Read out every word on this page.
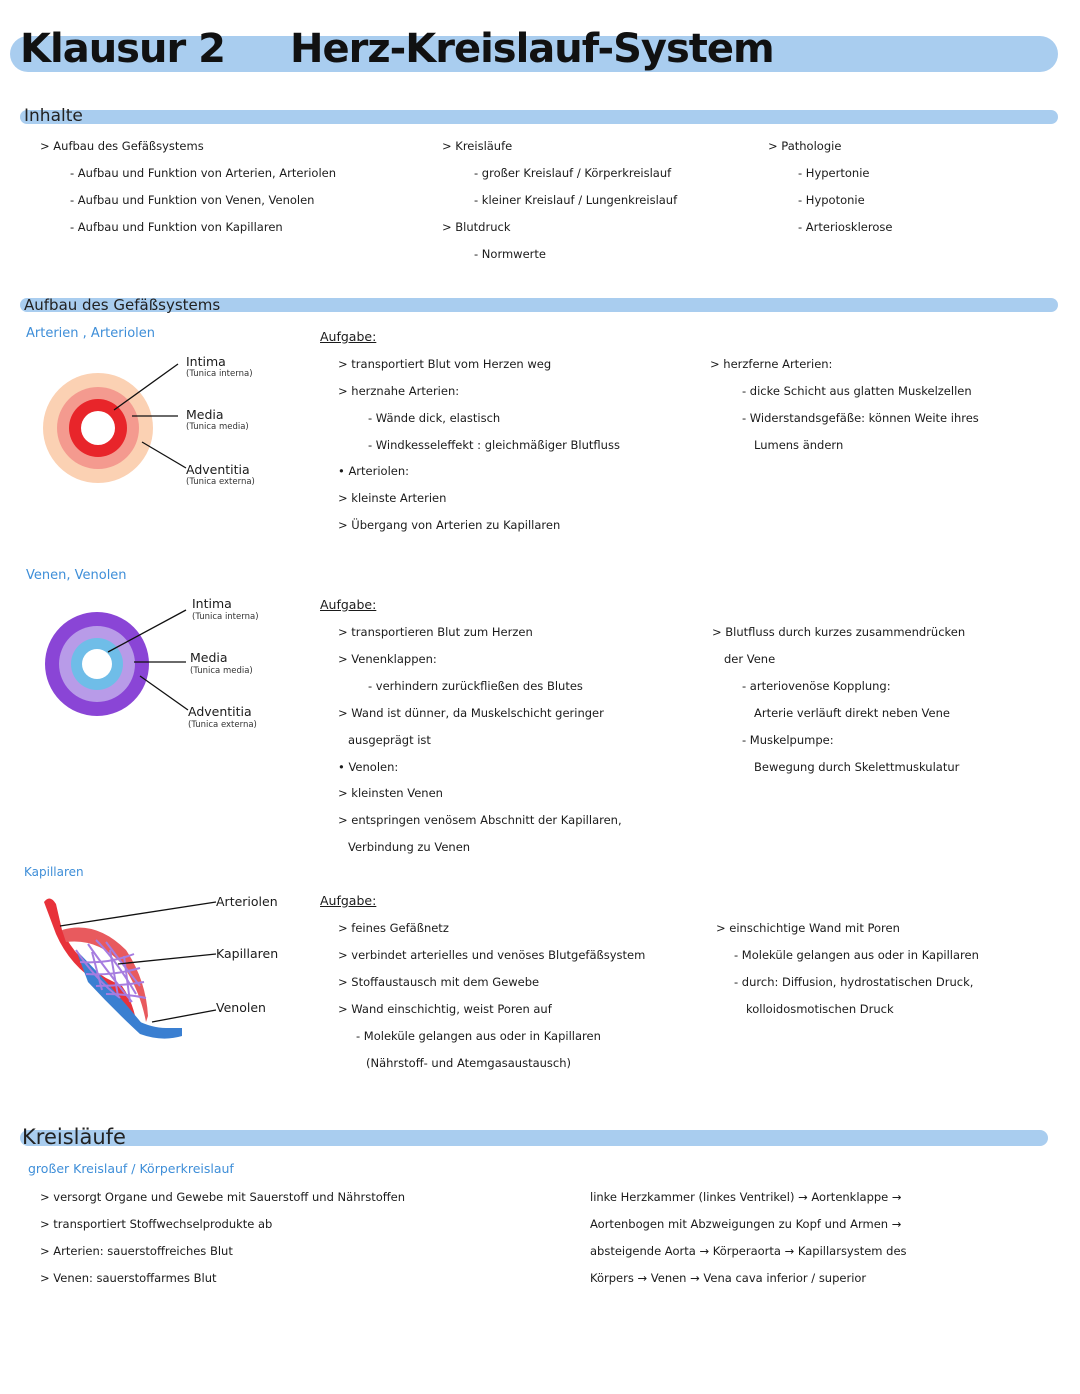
Klausur 2 Herz-Kreislauf-System
Inhalte
> Aufbau des Gefäßsystems
- Aufbau und Funktion von Arterien, Arteriolen
- Aufbau und Funktion von Venen, Venolen
- Aufbau und Funktion von Kapillaren
> Kreisläufe
- großer Kreislauf / Körperkreislauf
- kleiner Kreislauf / Lungenkreislauf
> Blutdruck
- Normwerte
> Pathologie
- Hypertonie
- Hypotonie
- Arteriosklerose
Aufbau des Gefäßsystems
Arterien , Arteriolen
Intima
(Tunica interna)
Media
(Tunica media)
Adventitia
(Tunica externa)
Aufgabe:
> transportiert Blut vom Herzen weg
> herznahe Arterien:
- Wände dick, elastisch
- Windkesseleffekt : gleichmäßiger Blutfluss
• Arteriolen:
> kleinste Arterien
> Übergang von Arterien zu Kapillaren
> herzferne Arterien:
- dicke Schicht aus glatten Muskelzellen
- Widerstandsgefäße: können Weite ihres
Lumens ändern
Venen, Venolen
Intima
(Tunica interna)
Media
(Tunica media)
Adventitia
(Tunica externa)
Aufgabe:
> transportieren Blut zum Herzen
> Venenklappen:
- verhindern zurückfließen des Blutes
> Wand ist dünner, da Muskelschicht geringer
ausgeprägt ist
• Venolen:
> kleinsten Venen
> entspringen venösem Abschnitt der Kapillaren,
Verbindung zu Venen
> Blutfluss durch kurzes zusammendrücken
der Vene
- arteriovenöse Kopplung:
Arterie verläuft direkt neben Vene
- Muskelpumpe:
Bewegung durch Skelettmuskulatur
Kapillaren
Arteriolen
Kapillaren
Venolen
Aufgabe:
> feines Gefäßnetz
> verbindet arterielles und venöses Blutgefäßsystem
> Stoffaustausch mit dem Gewebe
> Wand einschichtig, weist Poren auf
- Moleküle gelangen aus oder in Kapillaren
(Nährstoff- und Atemgasaustausch)
> einschichtige Wand mit Poren
- Moleküle gelangen aus oder in Kapillaren
- durch: Diffusion, hydrostatischen Druck,
kolloidosmotischen Druck
Kreisläufe
großer Kreislauf / Körperkreislauf
> versorgt Organe und Gewebe mit Sauerstoff und Nährstoffen
> transportiert Stoffwechselprodukte ab
> Arterien: sauerstoffreiches Blut
> Venen: sauerstoffarmes Blut
linke Herzkammer (linkes Ventrikel) → Aortenklappe →
Aortenbogen mit Abzweigungen zu Kopf und Armen →
absteigende Aorta → Körperaorta → Kapillarsystem des
Körpers → Venen → Vena cava inferior / superior
